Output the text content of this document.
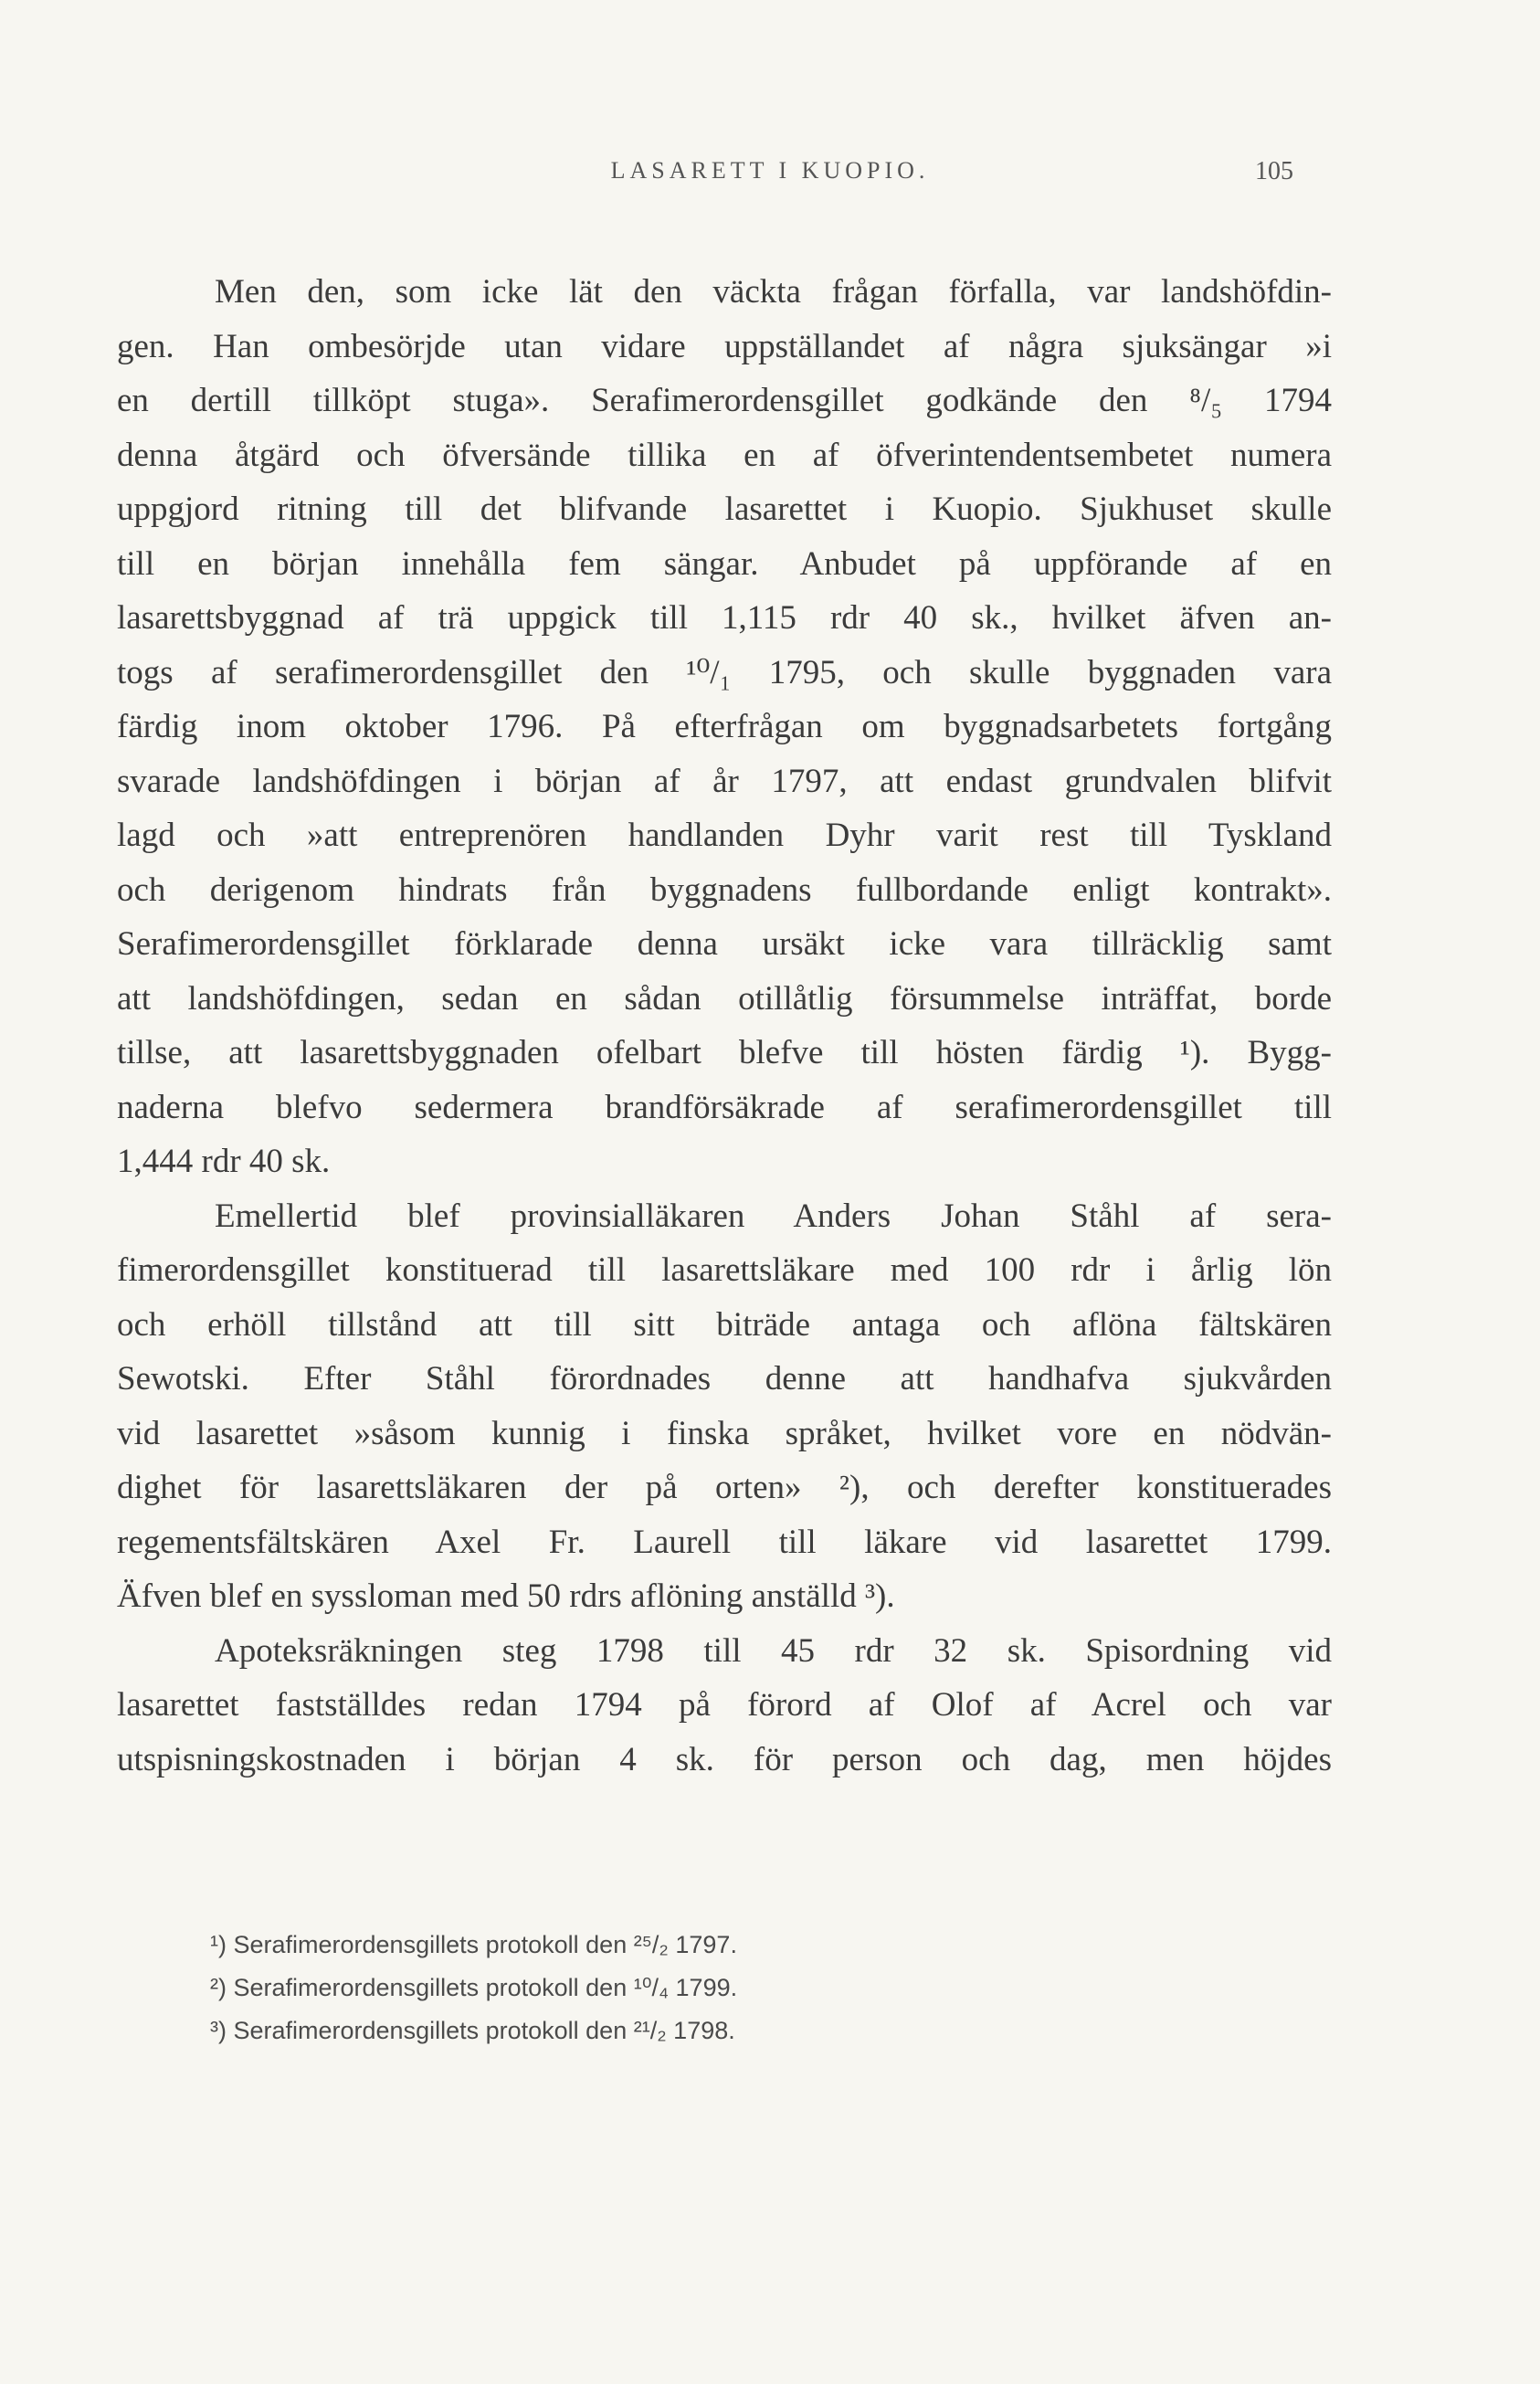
LASARETT I KUOPIO.	105

Men den, som icke lät den väckta frågan förfalla, var landshöfdin-
gen. Han ombesörjde utan vidare uppställandet af några sjuksängar »i
en dertill tillköpt stuga». Serafimerordensgillet godkände den ⁸/₅ 1794
denna åtgärd och öfversände tillika en af öfverintendentsembetet numera
uppgjord ritning till det blifvande lasarettet i Kuopio. Sjukhuset skulle
till en början innehålla fem sängar. Anbudet på uppförande af en
lasarettsbyggnad af trä uppgick till 1,115 rdr 40 sk., hvilket äfven an-
togs af serafimerordensgillet den ¹⁰/₁ 1795, och skulle byggnaden vara
färdig inom oktober 1796. På efterfrågan om byggnadsarbetets fortgång
svarade landshöfdingen i början af år 1797, att endast grundvalen blifvit
lagd och »att entreprenören handlanden Dyhr varit rest till Tyskland
och derigenom hindrats från byggnadens fullbordande enligt kontrakt».
Serafimerordensgillet förklarade denna ursäkt icke vara tillräcklig samt
att landshöfdingen, sedan en sådan otillåtlig försummelse inträffat, borde
tillse, att lasarettsbyggnaden ofelbart blefve till hösten färdig ¹). Bygg-
naderna blefvo sedermera brandförsäkrade af serafimerordensgillet till
1,444 rdr 40 sk.

Emellertid blef provinsialläkaren Anders Johan Ståhl af sera-
fimerordensgillet konstituerad till lasarettsläkare med 100 rdr i årlig lön
och erhöll tillstånd att till sitt biträde antaga och aflöna fältskären
Sewotski. Efter Ståhl förordnades denne att handhafva sjukvården
vid lasarettet »såsom kunnig i finska språket, hvilket vore en nödvän-
dighet för lasarettsläkaren der på orten» ²), och derefter konstituerades
regementsfältskären Axel Fr. Laurell till läkare vid lasarettet 1799.
Äfven blef en syssloman med 50 rdrs aflöning anställd ³).

Apoteksräkningen steg 1798 till 45 rdr 32 sk. Spisordning vid
lasarettet fastställdes redan 1794 på förord af Olof af Acrel och var
utspisningskostnaden i början 4 sk. för person och dag, men höjdes

¹) Serafimerordensgillets protokoll den ²⁵/₂ 1797.
²) Serafimerordensgillets protokoll den ¹⁰/₄ 1799.
³) Serafimerordensgillets protokoll den ²¹/₂ 1798.
